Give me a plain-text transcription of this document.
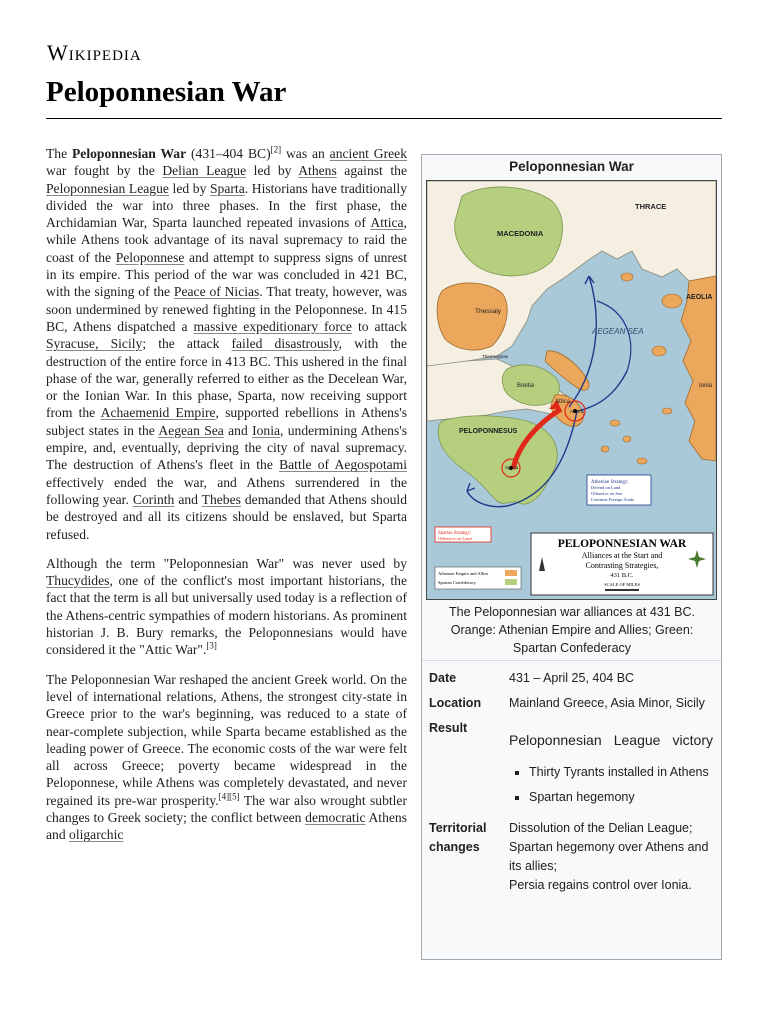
Wikipedia
Peloponnesian War

The Peloponnesian War (431–404 BC)[2] was an ancient Greek war fought by the Delian League led by Athens against the Peloponnesian League led by Sparta. Historians have traditionally divided the war into three phases. In the first phase, the Archidamian War, Sparta launched repeated invasions of Attica, while Athens took advantage of its naval supremacy to raid the coast of the Peloponnese and attempt to suppress signs of unrest in its empire. This period of the war was concluded in 421 BC, with the signing of the Peace of Nicias. That treaty, however, was soon undermined by renewed fighting in the Peloponnese. In 415 BC, Athens dispatched a massive expeditionary force to attack Syracuse, Sicily; the attack failed disastrously, with the destruction of the entire force in 413 BC. This ushered in the final phase of the war, generally referred to either as the Decelean War, or the Ionian War. In this phase, Sparta, now receiving support from the Achaemenid Empire, supported rebellions in Athens's subject states in the Aegean Sea and Ionia, undermining Athens's empire, and, eventually, depriving the city of naval supremacy. The destruction of Athens's fleet in the Battle of Aegospotami effectively ended the war, and Athens surrendered in the following year. Corinth and Thebes demanded that Athens should be destroyed and all its citizens should be enslaved, but Sparta refused.

Although the term "Peloponnesian War" was never used by Thucydides, one of the conflict's most important historians, the fact that the term is all but universally used today is a reflection of the Athens-centric sympathies of modern historians. As prominent historian J. B. Bury remarks, the Peloponnesians would have considered it the "Attic War".[3]

The Peloponnesian War reshaped the ancient Greek world. On the level of international relations, Athens, the strongest city-state in Greece prior to the war's beginning, was reduced to a state of near-complete subjection, while Sparta became established as the leading power of Greece. The economic costs of the war were felt all across Greece; poverty became widespread in the Peloponnese, while Athens was completely devastated, and never regained its pre-war prosperity.[4][5] The war also wrought subtler changes to Greek society; the conflict between democratic Athens and oligarchic

Peloponnesian War
THRACE
MACEDONIA
AEOLIA
Thessaly
AEGEAN SEA
Thermopylae
Boetia
Attica
Ionia
PELOPONNESUS
Sparta
Athens
Athenian Strategy:
Defend on Land
Offensive on Sea
Continue Foreign Trade
Spartan Strategy:
Offensive on Land
Athenian Empire and Allies
Spartan Confederacy
PELOPONNESIAN WAR
Alliances at the Start and
Contrasting Strategies,
431 B.C.
SCALE OF MILES
The Peloponnesian war alliances at 431 BC.
Orange: Athenian Empire and Allies; Green:
Spartan Confederacy
Date	431 – April 25, 404 BC
Location	Mainland Greece, Asia Minor, Sicily
Result
Peloponnesian League victory
▪ Thirty Tyrants installed in Athens
▪ Spartan hegemony
Territorial changes
Dissolution of the Delian League;
Spartan hegemony over Athens and its allies;
Persia regains control over Ionia.
